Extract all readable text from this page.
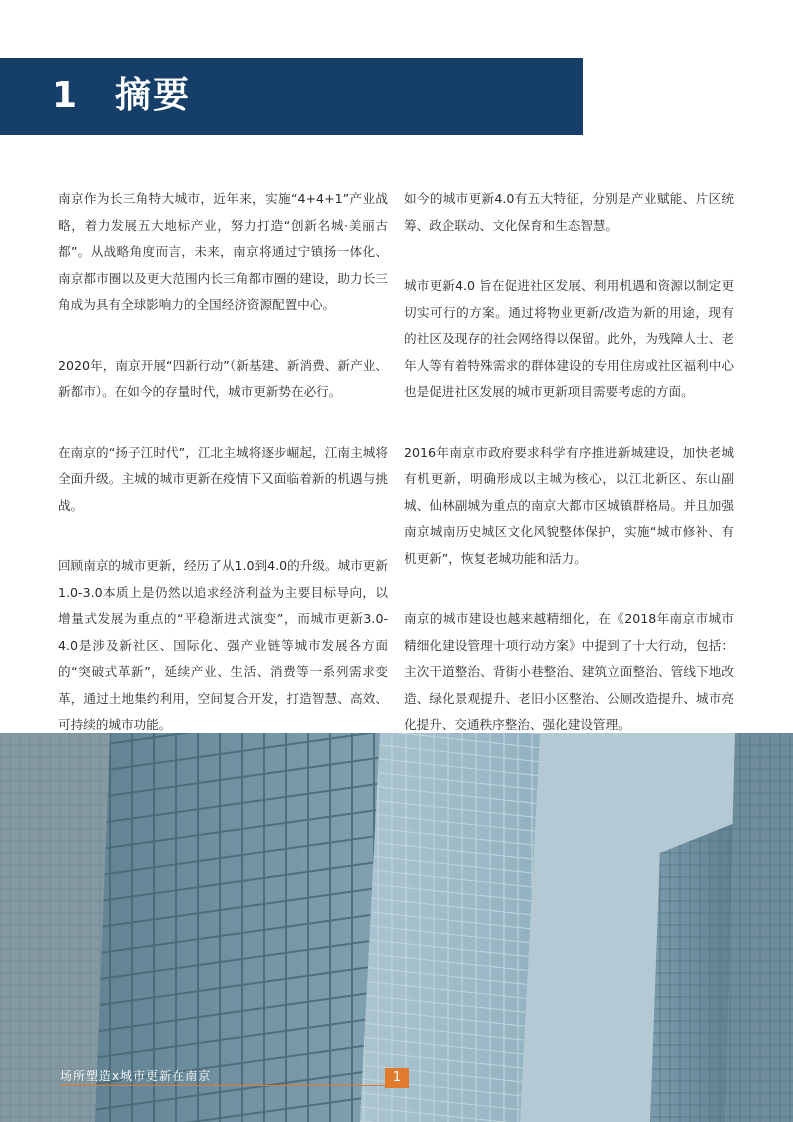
1 摘要

南京作为长三角特大城市，近年来，实施“4+4+1”产业战略，着力发展五大地标产业，努力打造“创新名城·美丽古都”。从战略角度而言，未来，南京将通过宁镇扬一体化、南京都市圈以及更大范围内长三角都市圈的建设，助力长三角成为具有全球影响力的全国经济资源配置中心。

2020年，南京开展“四新行动”（新基建、新消费、新产业、新都市）。在如今的存量时代，城市更新势在必行。

在南京的“扬子江时代”，江北主城将逐步崛起，江南主城将全面升级。主城的城市更新在疫情下又面临着新的机遇与挑战。

回顾南京的城市更新，经历了从1.0到4.0的升级。城市更新1.0-3.0本质上是仍然以追求经济利益为主要目标导向，以增量式发展为重点的“平稳渐进式演变”，而城市更新3.0-4.0是涉及新社区、国际化、强产业链等城市发展各方面的“突破式革新”，延续产业、生活、消费等一系列需求变革，通过土地集约利用，空间复合开发，打造智慧、高效、可持续的城市功能。

如今的城市更新4.0有五大特征，分别是产业赋能、片区统筹、政企联动、文化保育和生态智慧。

城市更新4.0 旨在促进社区发展、利用机遇和资源以制定更切实可行的方案。通过将物业更新/改造为新的用途，现有的社区及现存的社会网络得以保留。此外，为残障人士、老年人等有着特殊需求的群体建设的专用住房或社区福利中心也是促进社区发展的城市更新项目需要考虑的方面。

2016年南京市政府要求科学有序推进新城建设，加快老城有机更新，明确形成以主城为核心，以江北新区、东山副城、仙林副城为重点的南京大都市区城镇群格局。并且加强南京城南历史城区文化风貌整体保护，实施“城市修补、有机更新”，恢复老城功能和活力。

南京的城市建设也越来越精细化，在《2018年南京市城市精细化建设管理十项行动方案》中提到了十大行动，包括：主次干道整治、背街小巷整治、建筑立面整治、管线下地改造、绿化景观提升、老旧小区整治、公厕改造提升、城市亮化提升、交通秩序整治、强化建设管理。

场所塑造x城市更新在南京	1
